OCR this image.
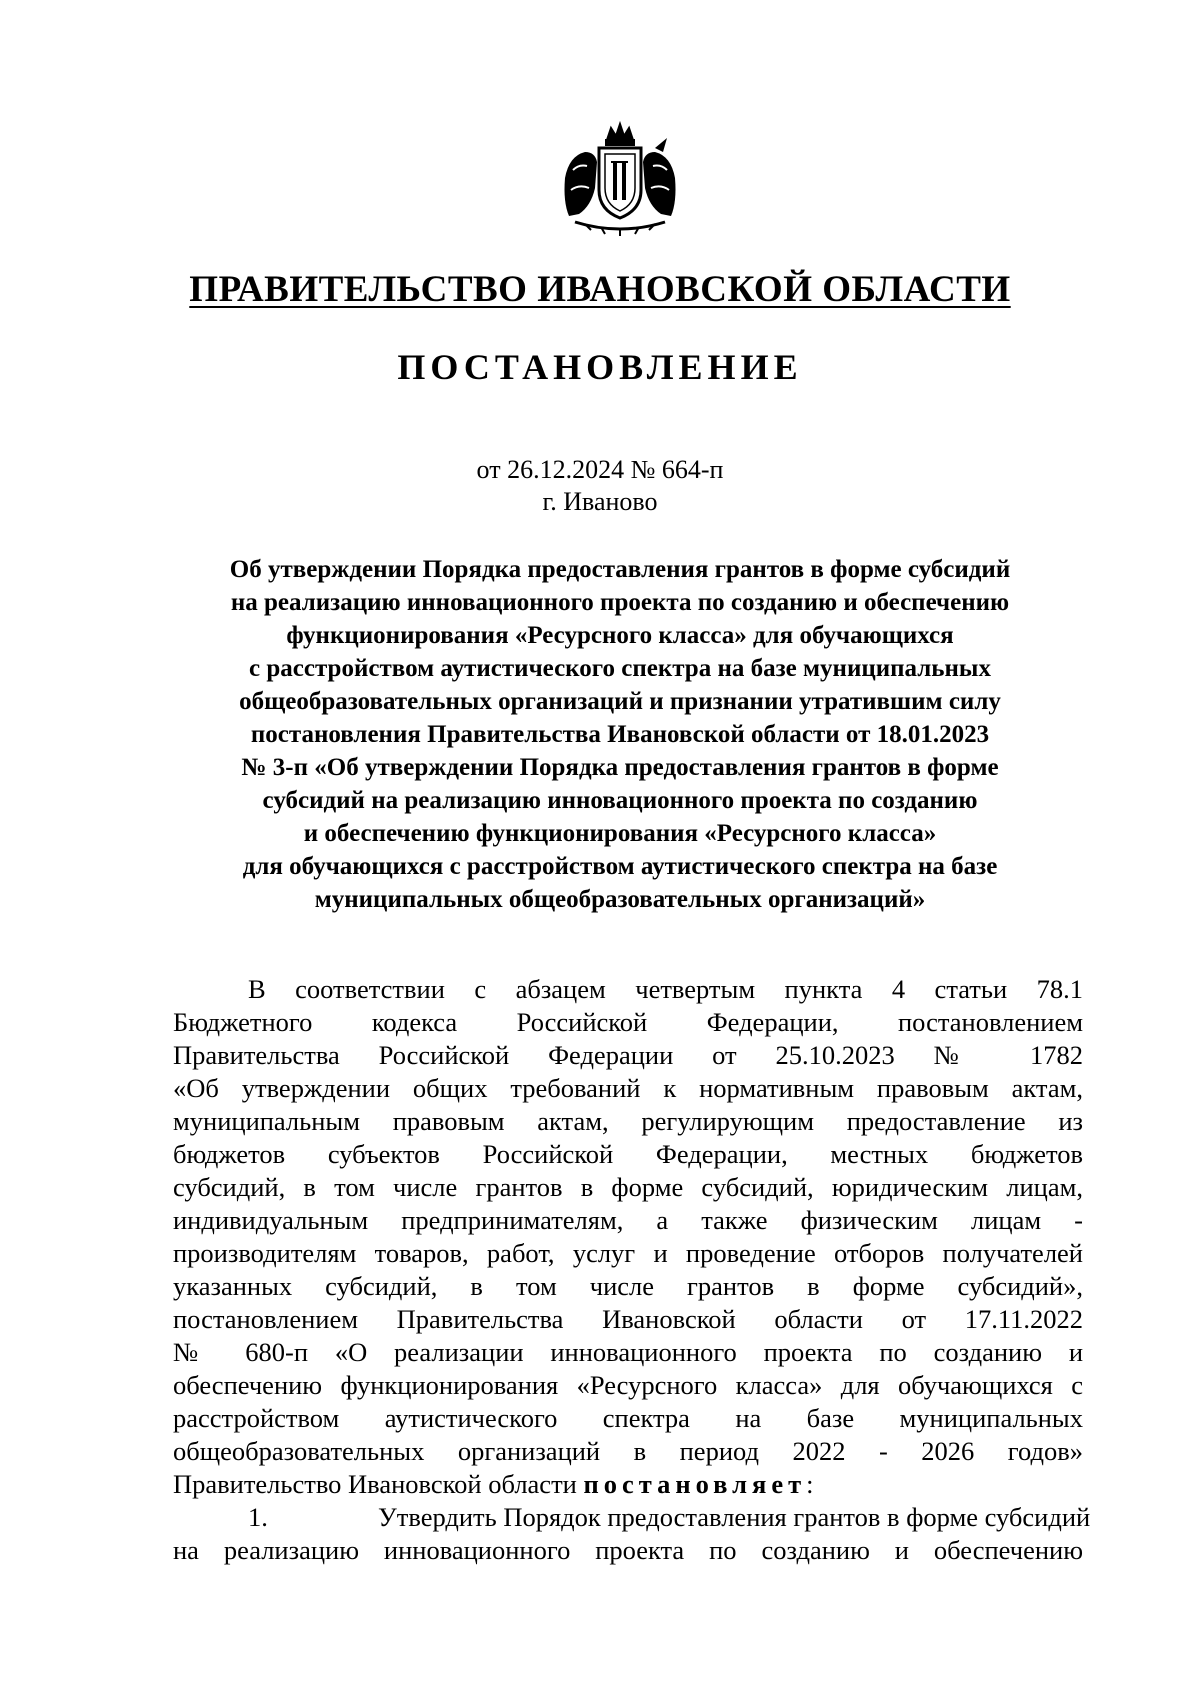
ПРАВИТЕЛЬСТВО ИВАНОВСКОЙ ОБЛАСТИ
ПОСТАНОВЛЕНИЕ
от 26.12.2024 № 664-п
г. Иваново
Об утверждении Порядка предоставления грантов в форме субсидий
на реализацию инновационного проекта по созданию и обеспечению
функционирования «Ресурсного класса» для обучающихся
с расстройством аутистического спектра на базе муниципальных
общеобразовательных организаций и признании утратившим силу
постановления Правительства Ивановской области от 18.01.2023
№ 3-п «Об утверждении Порядка предоставления грантов в форме
субсидий на реализацию инновационного проекта по созданию
и обеспечению функционирования «Ресурсного класса»
для обучающихся с расстройством аутистического спектра на базе
муниципальных общеобразовательных организаций»
В соответствии с абзацем четвертым пункта 4 статьи 78.1
Бюджетного кодекса Российской Федерации, постановлением
Правительства Российской Федерации от 25.10.2023 № 1782
«Об утверждении общих требований к нормативным правовым актам,
муниципальным правовым актам, регулирующим предоставление из
бюджетов субъектов Российской Федерации, местных бюджетов
субсидий, в том числе грантов в форме субсидий, юридическим лицам,
индивидуальным предпринимателям, а также физическим лицам -
производителям товаров, работ, услуг и проведение отборов получателей
указанных субсидий, в том числе грантов в форме субсидий»,
постановлением Правительства Ивановской области от 17.11.2022
№ 680-п «О реализации инновационного проекта по созданию и
обеспечению функционирования «Ресурсного класса» для обучающихся с
расстройством аутистического спектра на базе муниципальных
общеобразовательных организаций в период 2022 - 2026 годов»
Правительство Ивановской области постановляет:
1.	Утвердить Порядок предоставления грантов в форме субсидий
на реализацию инновационного проекта по созданию и обеспечению
